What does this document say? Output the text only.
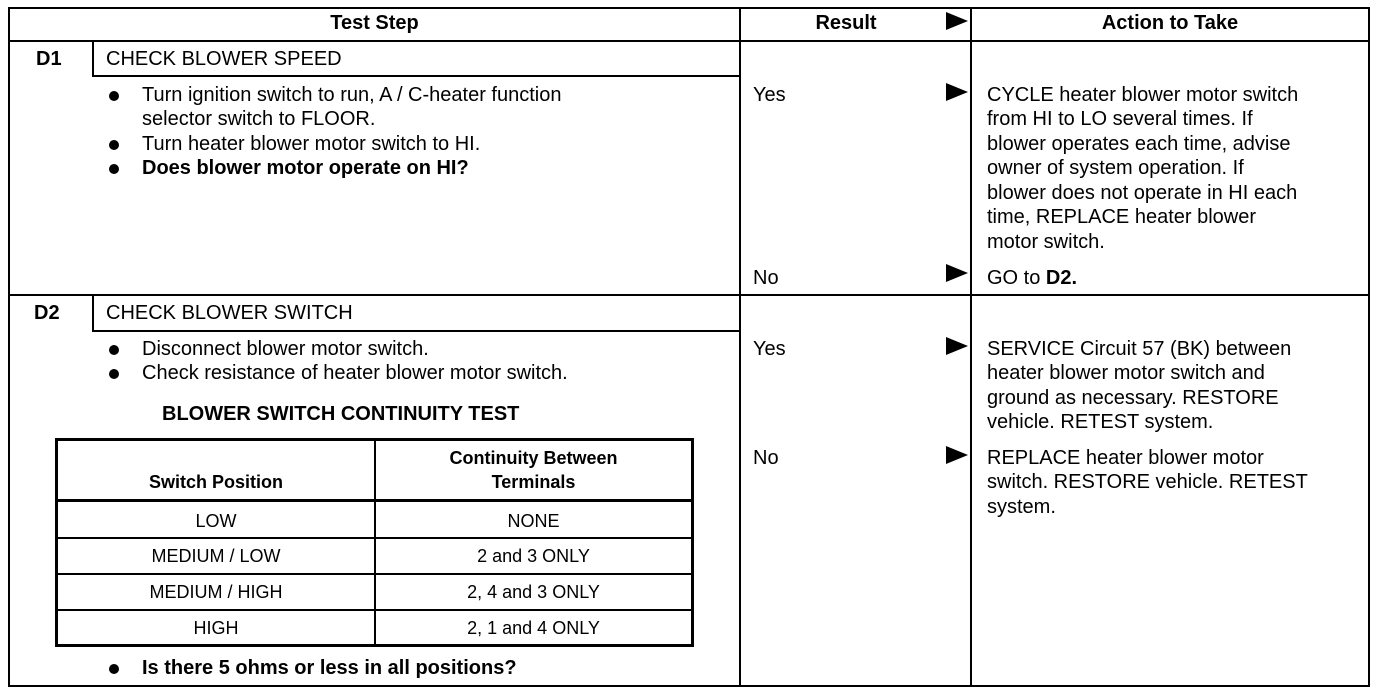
Test Step	Result	Action to Take
D1 CHECK BLOWER SPEED
Turn ignition switch to run, A / C-heater function
selector switch to FLOOR.
Turn heater blower motor switch to HI.
Does blower motor operate on HI?
Yes	CYCLE heater blower motor switch
from HI to LO several times. If
blower operates each time, advise
owner of system operation. If
blower does not operate in HI each
time, REPLACE heater blower
motor switch.
No	GO to D2.
D2 CHECK BLOWER SWITCH
Disconnect blower motor switch.
Check resistance of heater blower motor switch.
BLOWER SWITCH CONTINUITY TEST
Switch Position
Continuity Between
Terminals
LOW	NONE
MEDIUM / LOW	2 and 3 ONLY
MEDIUM / HIGH	2, 4 and 3 ONLY
HIGH	2, 1 and 4 ONLY
Is there 5 ohms or less in all positions?
Yes	SERVICE Circuit 57 (BK) between
heater blower motor switch and
ground as necessary. RESTORE
vehicle. RETEST system.
No	REPLACE heater blower motor
switch. RESTORE vehicle. RETEST
system.
